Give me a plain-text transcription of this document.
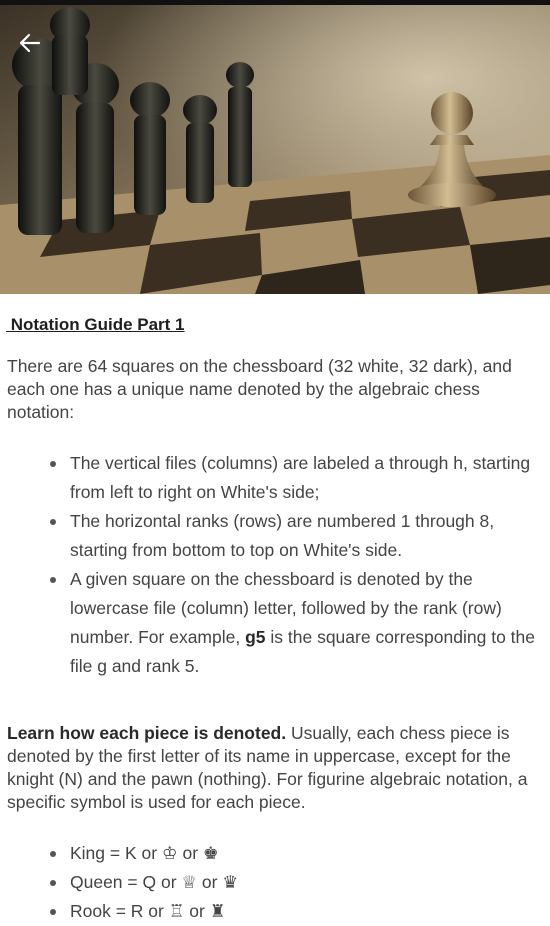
Notation Guide Part 1
There are 64 squares on the chessboard (32 white, 32 dark), and each one has a unique name denoted by the algebraic chess notation:
The vertical files (columns) are labeled a through h, starting from left to right on White's side;
The horizontal ranks (rows) are numbered 1 through 8, starting from bottom to top on White's side.
A given square on the chessboard is denoted by the lowercase file (column) letter, followed by the rank (row) number. For example, g5 is the square corresponding to the file g and rank 5.
Learn how each piece is denoted. Usually, each chess piece is denoted by the first letter of its name in uppercase, except for the knight (N) and the pawn (nothing). For figurine algebraic notation, a specific symbol is used for each piece.
King = K or ♔ or ♚
Queen = Q or ♕ or ♛
Rook = R or ♖ or ♜
